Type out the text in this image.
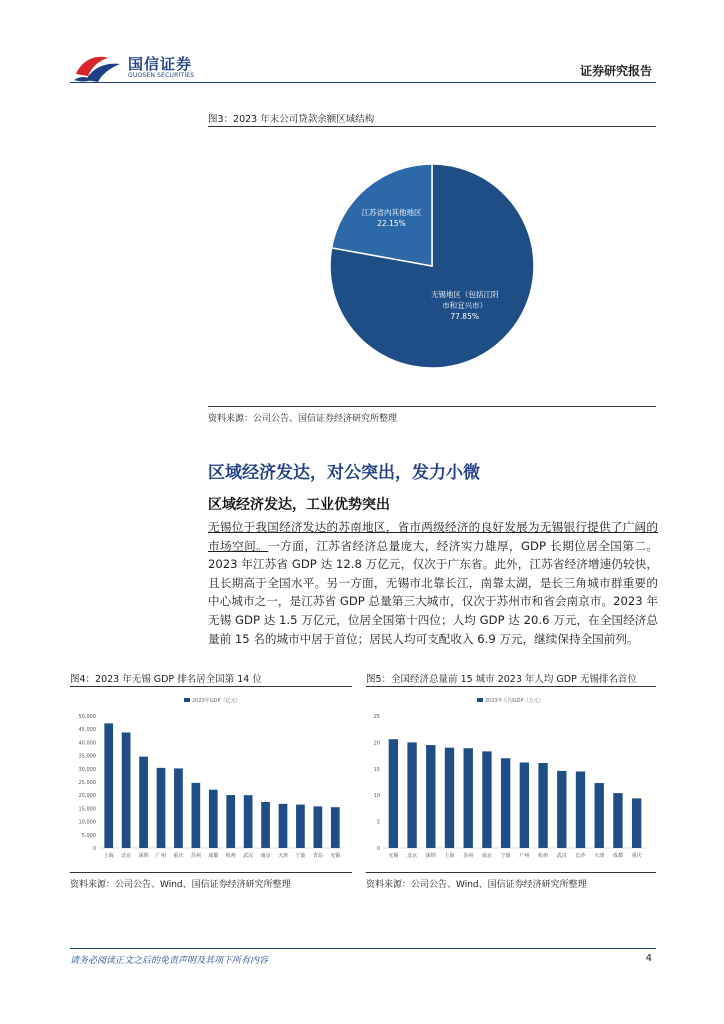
国信证券
GUOSEN SECURITIES	证券研究报告
图3：2023 年末公司贷款余额区域结构
无锡地区（包括江阴
市和宜兴市）
77.85%
江苏省内其他地区
22.15%
资料来源：公司公告、国信证券经济研究所整理
区域经济发达，对公突出，发力小微
区域经济发达，工业优势突出
无锡位于我国经济发达的苏南地区，省市两级经济的良好发展为无锡银行提供了广阔的市场空间。一方面，江苏省经济总量庞大，经济实力雄厚，GDP 长期位居全国第二。2023 年江苏省 GDP 达 12.8 万亿元，仅次于广东省。此外，江苏省经济增速仍较快，且长期高于全国水平。另一方面，无锡市北靠长江，南靠太湖，是长三角城市群重要的中心城市之一，是江苏省 GDP 总量第三大城市，仅次于苏州市和省会南京市。2023 年无锡 GDP 达 1.5 万亿元，位居全国第十四位；人均 GDP 达 20.6 万元，在全国经济总量前 15 名的城市中居于首位；居民人均可支配收入 6.9 万元，继续保持全国前列。
图4：2023 年无锡 GDP 排名居全国第 14 位
2023年GDP（亿元）
50,000
45,000
40,000
35,000
30,000
25,000
20,000
15,000
10,000
5,000
0
上海 北京 深圳 广州 重庆 苏州 成都 杭州 武汉 南京 天津 宁波 青岛 无锡
资料来源：公司公告、Wind、国信证券经济研究所整理
图5：全国经济总量前 15 城市 2023 年人均 GDP 无锡排名首位
2023年人均GDP（万元）
25
20
15
10
5
0
无锡 北京 深圳 上海 苏州 南京 宁波 广州 杭州 武汉 长沙 天津 成都 重庆
资料来源：公司公告、Wind、国信证券经济研究所整理
请务必阅读正文之后的免责声明及其项下所有内容	4
